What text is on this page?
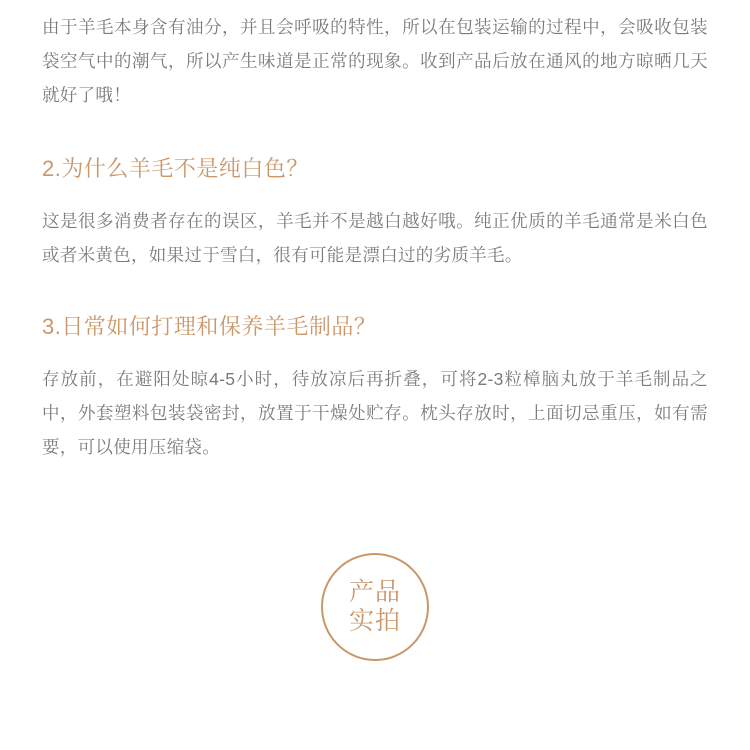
由于羊毛本身含有油分，并且会呼吸的特性，所以在包装运输的过程中，会吸收包装袋空气中的潮气，所以产生味道是正常的现象。收到产品后放在通风的地方晾晒几天就好了哦！

2.为什么羊毛不是纯白色？

这是很多消费者存在的误区，羊毛并不是越白越好哦。纯正优质的羊毛通常是米白色或者米黄色，如果过于雪白，很有可能是漂白过的劣质羊毛。

3.日常如何打理和保养羊毛制品？

存放前，在避阳处晾4-5小时，待放凉后再折叠，可将2-3粒樟脑丸放于羊毛制品之中，外套塑料包装袋密封，放置于干燥处贮存。枕头存放时，上面切忌重压，如有需要，可以使用压缩袋。

产品
实拍
